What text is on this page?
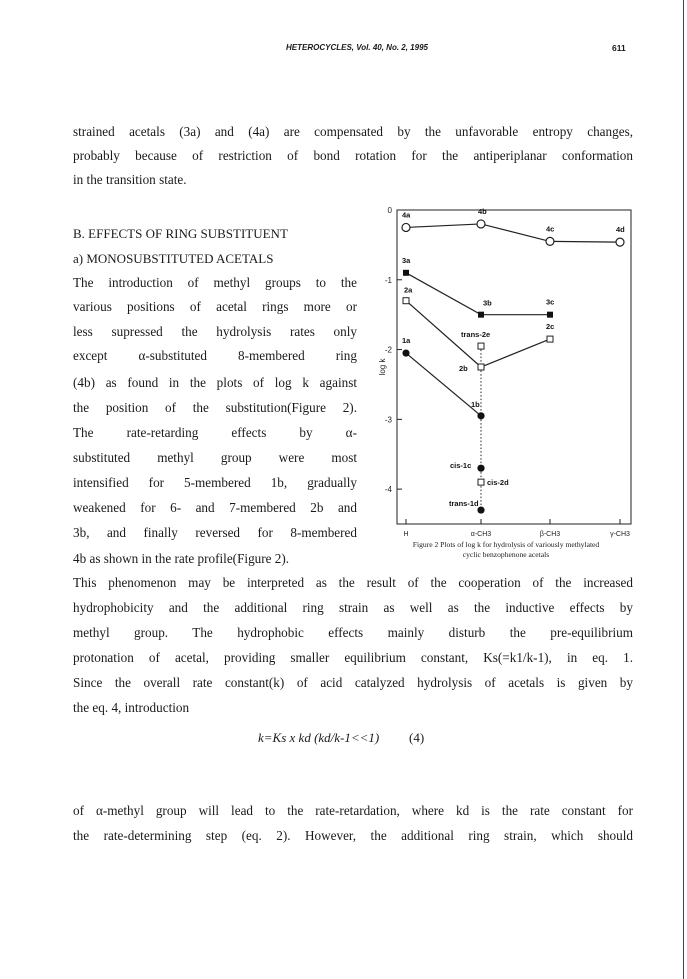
HETEROCYCLES, Vol. 40, No. 2, 1995	611

strained acetals (3a) and (4a) are compensated by the unfavorable entropy changes,

probably because of restriction of bond rotation for the antiperiplanar conformation

in the transition state.

B. EFFECTS OF RING SUBSTITUENT

a) MONOSUBSTITUTED ACETALS

The introduction of methyl groups to the

various positions of acetal rings more or

less supressed the hydrolysis rates only

except α-substituted 8-membered ring

(4b) as found in the plots of log k against

the position of the substitution(Figure 2).

The rate-retarding effects by α-

substituted methyl group were most

intensified for 5-membered 1b, gradually

weakened for 6- and 7-membered 2b and

3b, and finally reversed for 8-membered

4b as shown in the rate profile(Figure 2).

This phenomenon may be interpreted as the result of the cooperation of the increased

hydrophobicity and the additional ring strain as well as the inductive effects by

methyl group. The hydrophobic effects mainly disturb the pre-equilibrium

protonation of acetal, providing smaller equilibrium constant, Ks(=k1/k-1), in eq. 1.

Since the overall rate constant(k) of acid catalyzed hydrolysis of acetals is given by

the eq. 4, introduction

k=Ks x kd (kd/k-1<<1) (4)

of α-methyl group will lead to the rate-retardation, where kd is the rate constant for

the rate-determining step (eq. 2). However, the additional ring strain, which should

0
-1
-2
-3
-4
H	α-CH3	β-CH3	γ-CH3
log k
4a	4b
4c	4d
3a
3b	3c
2a
2b
2c
1a
1b
trans-2e
cis-2d
cis-1c
trans-1d
Figure 2 Plots of log k for hydrolysis of variously methylated
cyclic benzophenone acetals
